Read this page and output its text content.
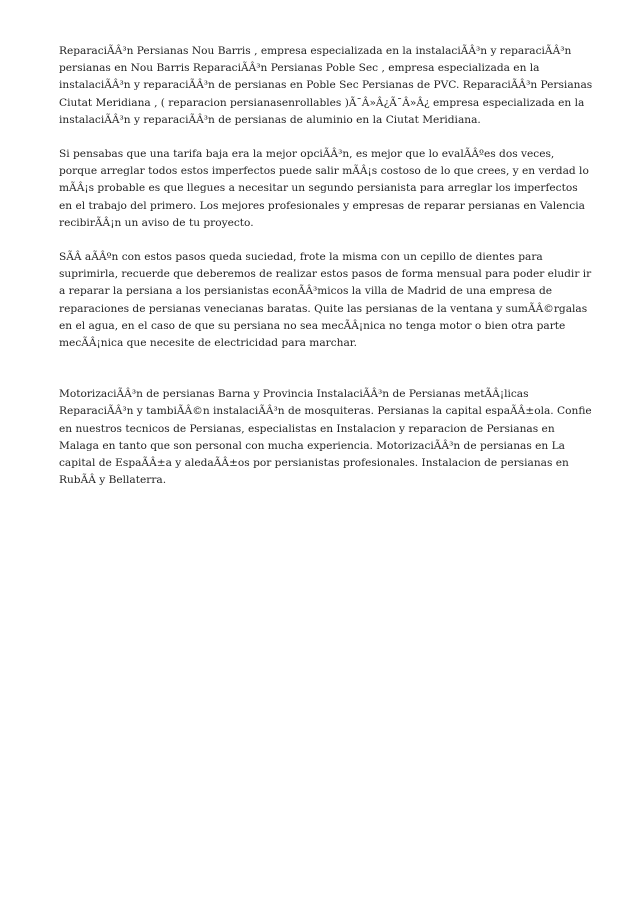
ReparaciÃÂ³n Persianas Nou Barris , empresa especializada en la instalaciÃÂ³n y reparaciÃÂ³n persianas en Nou Barris ReparaciÃÂ³n Persianas Poble Sec , empresa especializada en la instalaciÃÂ³n y reparaciÃÂ³n de persianas en Poble Sec Persianas de PVC. ReparaciÃÂ³n Persianas Ciutat Meridiana , ( reparacion persianasenrollables )Ã¯Â»Â¿Ã¯Â»Â¿ empresa especializada en la instalaciÃÂ³n y reparaciÃÂ³n de persianas de aluminio en la Ciutat Meridiana.

Si pensabas que una tarifa baja era la mejor opciÃÂ³n, es mejor que lo evalÃÂºes dos veces, porque arreglar todos estos imperfectos puede salir mÃÂ¡s costoso de lo que crees, y en verdad lo mÃÂ¡s probable es que llegues a necesitar un segundo persianista para arreglar los imperfectos en el trabajo del primero. Los mejores profesionales y empresas de reparar persianas en Valencia recibirÃÂ¡n un aviso de tu proyecto.

SÃÂ aÃÂºn con estos pasos queda suciedad, frote la misma con un cepillo de dientes para suprimirla, recuerde que deberemos de realizar estos pasos de forma mensual para poder eludir ir a reparar la persiana a los persianistas econÃÂ³micos la villa de Madrid de una empresa de reparaciones de persianas venecianas baratas. Quite las persianas de la ventana y sumÃÂ©rgalas en el agua, en el caso de que su persiana no sea mecÃÂ¡nica no tenga motor o bien otra parte mecÃÂ¡nica que necesite de electricidad para marchar.

MotorizaciÃÂ³n de persianas Barna y Provincia InstalaciÃÂ³n de Persianas metÃÂ¡licas ReparaciÃÂ³n y tambiÃÂ©n instalaciÃÂ³n de mosquiteras. Persianas la capital espaÃÂ±ola. Confie en nuestros tecnicos de Persianas, especialistas en Instalacion y reparacion de Persianas en Malaga en tanto que son personal con mucha experiencia. MotorizaciÃÂ³n de persianas en La capital de EspaÃÂ±a y aledaÃÂ±os por persianistas profesionales. Instalacion de persianas en RubÃÂ y Bellaterra.
